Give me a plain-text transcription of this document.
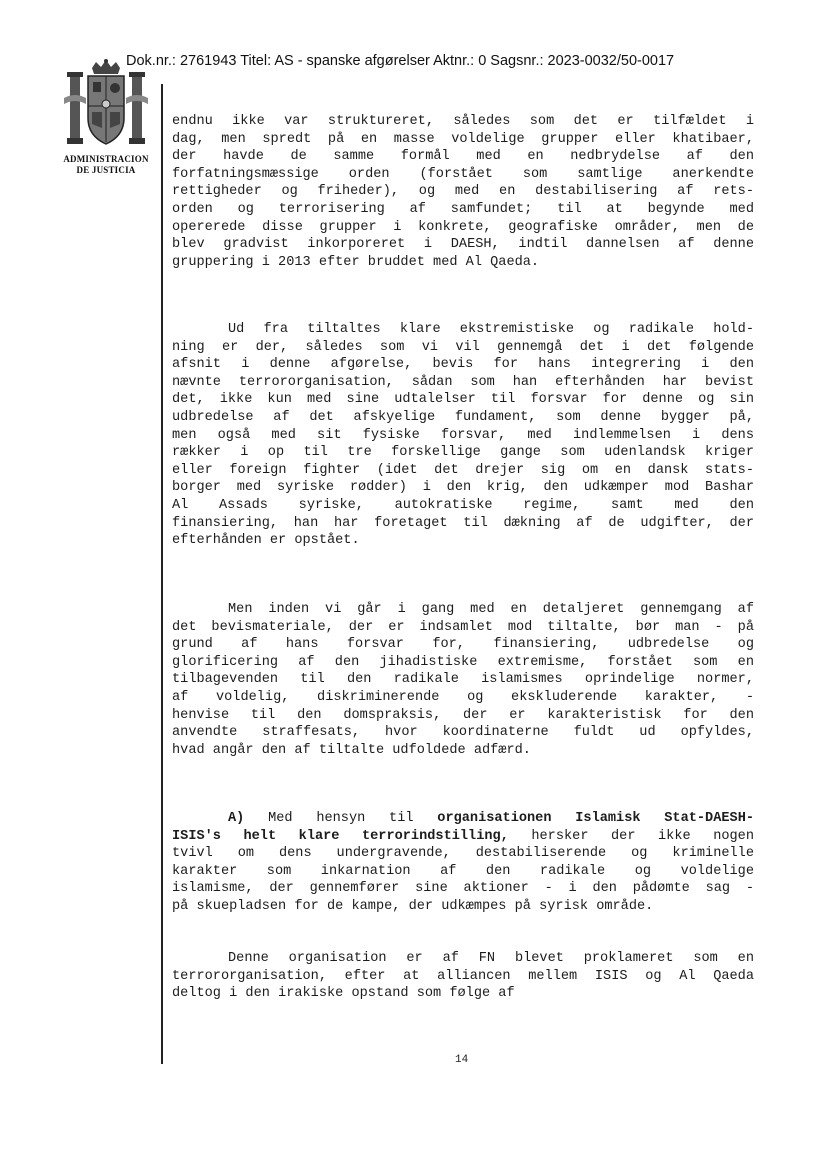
Dok.nr.: 2761943 Titel: AS - spanske afgørelser Aktnr.: 0 Sagsnr.: 2023-0032/50-0017
ADMINISTRACION
DE JUSTICIA
endnu ikke var struktureret, således som det er tilfældet i
dag, men spredt på en masse voldelige grupper eller khatibaer,
der havde de samme formål med en nedbrydelse af den
forfatningsmæssige orden (forstået som samtlige anerkendte
rettigheder og friheder), og med en destabilisering af rets-
orden og terrorisering af samfundet; til at begynde med
opererede disse grupper i konkrete, geografiske områder, men de
blev gradvist inkorporeret i DAESH, indtil dannelsen af denne
gruppering i 2013 efter bruddet med Al Qaeda.
Ud fra tiltaltes klare ekstremistiske og radikale hold-
ning er der, således som vi vil gennemgå det i det følgende
afsnit i denne afgørelse, bevis for hans integrering i den
nævnte terrororganisation, sådan som han efterhånden har bevist
det, ikke kun med sine udtalelser til forsvar for denne og sin
udbredelse af det afskyelige fundament, som denne bygger på,
men også med sit fysiske forsvar, med indlemmelsen i dens
rækker i op til tre forskellige gange som udenlandsk kriger
eller foreign fighter (idet det drejer sig om en dansk stats-
borger med syriske rødder) i den krig, den udkæmper mod Bashar
Al Assads syriske, autokratiske regime, samt med den
finansiering, han har foretaget til dækning af de udgifter, der
efterhånden er opstået.
Men inden vi går i gang med en detaljeret gennemgang af
det bevismateriale, der er indsamlet mod tiltalte, bør man - på
grund af hans forsvar for, finansiering, udbredelse og
glorificering af den jihadistiske extremisme, forstået som en
tilbagevenden til den radikale islamismes oprindelige normer,
af voldelig, diskriminerende og ekskluderende karakter, -
henvise til den domspraksis, der er karakteristisk for den
anvendte straffesats, hvor koordinaterne fuldt ud opfyldes,
hvad angår den af tiltalte udfoldede adfærd.
A) Med hensyn til organisationen Islamisk Stat-DAESH-
ISIS's helt klare terrorindstilling, hersker der ikke nogen
tvivl om dens undergravende, destabiliserende og kriminelle
karakter som inkarnation af den radikale og voldelige
islamisme, der gennemfører sine aktioner - i den pådømte sag -
på skuepladsen for de kampe, der udkæmpes på syrisk område.
Denne organisation er af FN blevet proklameret som en
terrororganisation, efter at alliancen mellem ISIS og Al Qaeda
deltog i den irakiske opstand som følge af
14
